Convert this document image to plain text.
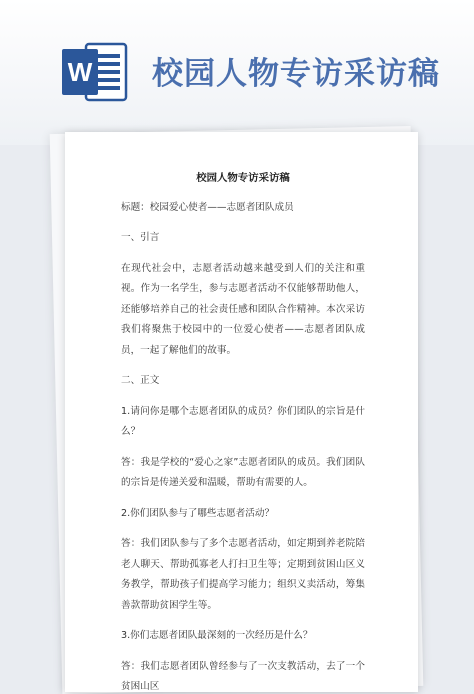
W 校园人物专访采访稿
校园人物专访采访稿

标题：校园爱心使者——志愿者团队成员

一、引言

在现代社会中，志愿者活动越来越受到人们的关注和重视。作为一名学生，参与志愿者活动不仅能够帮助他人，还能够培养自己的社会责任感和团队合作精神。本次采访我们将聚焦于校园中的一位爱心使者——志愿者团队成员，一起了解他们的故事。

二、正文

1.请问你是哪个志愿者团队的成员？你们团队的宗旨是什么？

答：我是学校的“爱心之家”志愿者团队的成员。我们团队的宗旨是传递关爱和温暖，帮助有需要的人。

2.你们团队参与了哪些志愿者活动？

答：我们团队参与了多个志愿者活动，如定期到养老院陪老人聊天、帮助孤寡老人打扫卫生等；定期到贫困山区义务教学，帮助孩子们提高学习能力；组织义卖活动，筹集善款帮助贫困学生等。

3.你们志愿者团队最深刻的一次经历是什么？

答：我们志愿者团队曾经参与了一次支教活动，去了一个贫困山区
